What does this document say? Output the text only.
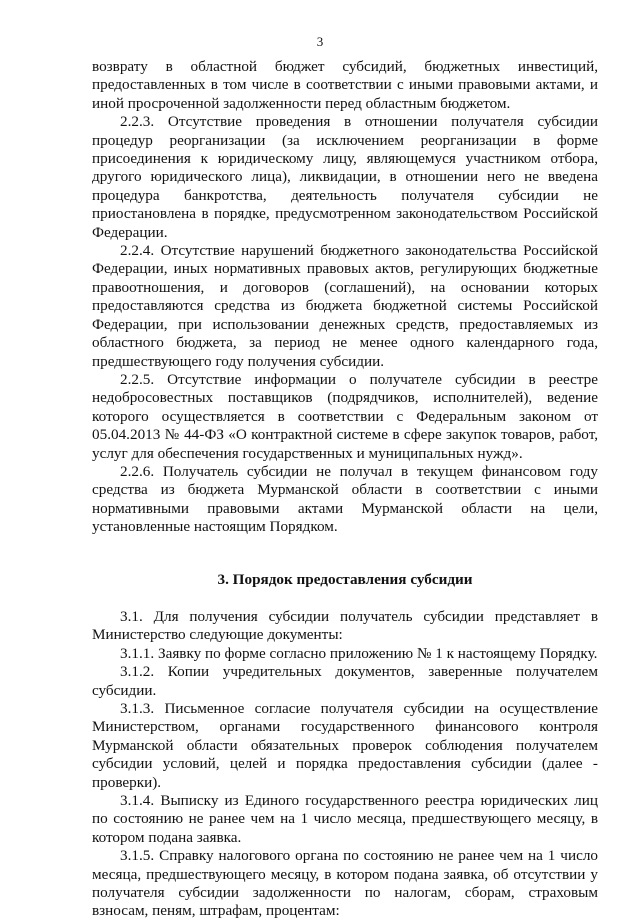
3

возврату в областной бюджет субсидий, бюджетных инвестиций, предоставленных в том числе в соответствии с иными правовыми актами, и иной просроченной задолженности перед областным бюджетом.

2.2.3. Отсутствие проведения в отношении получателя субсидии процедур реорганизации (за исключением реорганизации в форме присоединения к юридическому лицу, являющемуся участником отбора, другого юридического лица), ликвидации, в отношении него не введена процедура банкротства, деятельность получателя субсидии не приостановлена в порядке, предусмотренном законодательством Российской Федерации.

2.2.4. Отсутствие нарушений бюджетного законодательства Российской Федерации, иных нормативных правовых актов, регулирующих бюджетные правоотношения, и договоров (соглашений), на основании которых предоставляются средства из бюджета бюджетной системы Российской Федерации, при использовании денежных средств, предоставляемых из областного бюджета, за период не менее одного календарного года, предшествующего году получения субсидии.

2.2.5. Отсутствие информации о получателе субсидии в реестре недобросовестных поставщиков (подрядчиков, исполнителей), ведение которого осуществляется в соответствии с Федеральным законом от 05.04.2013 № 44-ФЗ «О контрактной системе в сфере закупок товаров, работ, услуг для обеспечения государственных и муниципальных нужд».

2.2.6. Получатель субсидии не получал в текущем финансовом году средства из бюджета Мурманской области в соответствии с иными нормативными правовыми актами Мурманской области на цели, установленные настоящим Порядком.

3. Порядок предоставления субсидии

3.1. Для получения субсидии получатель субсидии представляет в Министерство следующие документы:

3.1.1. Заявку по форме согласно приложению № 1 к настоящему Порядку.

3.1.2. Копии учредительных документов, заверенные получателем субсидии.

3.1.3. Письменное согласие получателя субсидии на осуществление Министерством, органами государственного финансового контроля Мурманской области обязательных проверок соблюдения получателем субсидии условий, целей и порядка предоставления субсидии (далее - проверки).

3.1.4. Выписку из Единого государственного реестра юридических лиц по состоянию не ранее чем на 1 число месяца, предшествующего месяцу, в котором подана заявка.

3.1.5. Справку налогового органа по состоянию не ранее чем на 1 число месяца, предшествующего месяцу, в котором подана заявка, об отсутствии у получателя субсидии задолженности по налогам, сборам, страховым взносам, пеням, штрафам, процентам:
